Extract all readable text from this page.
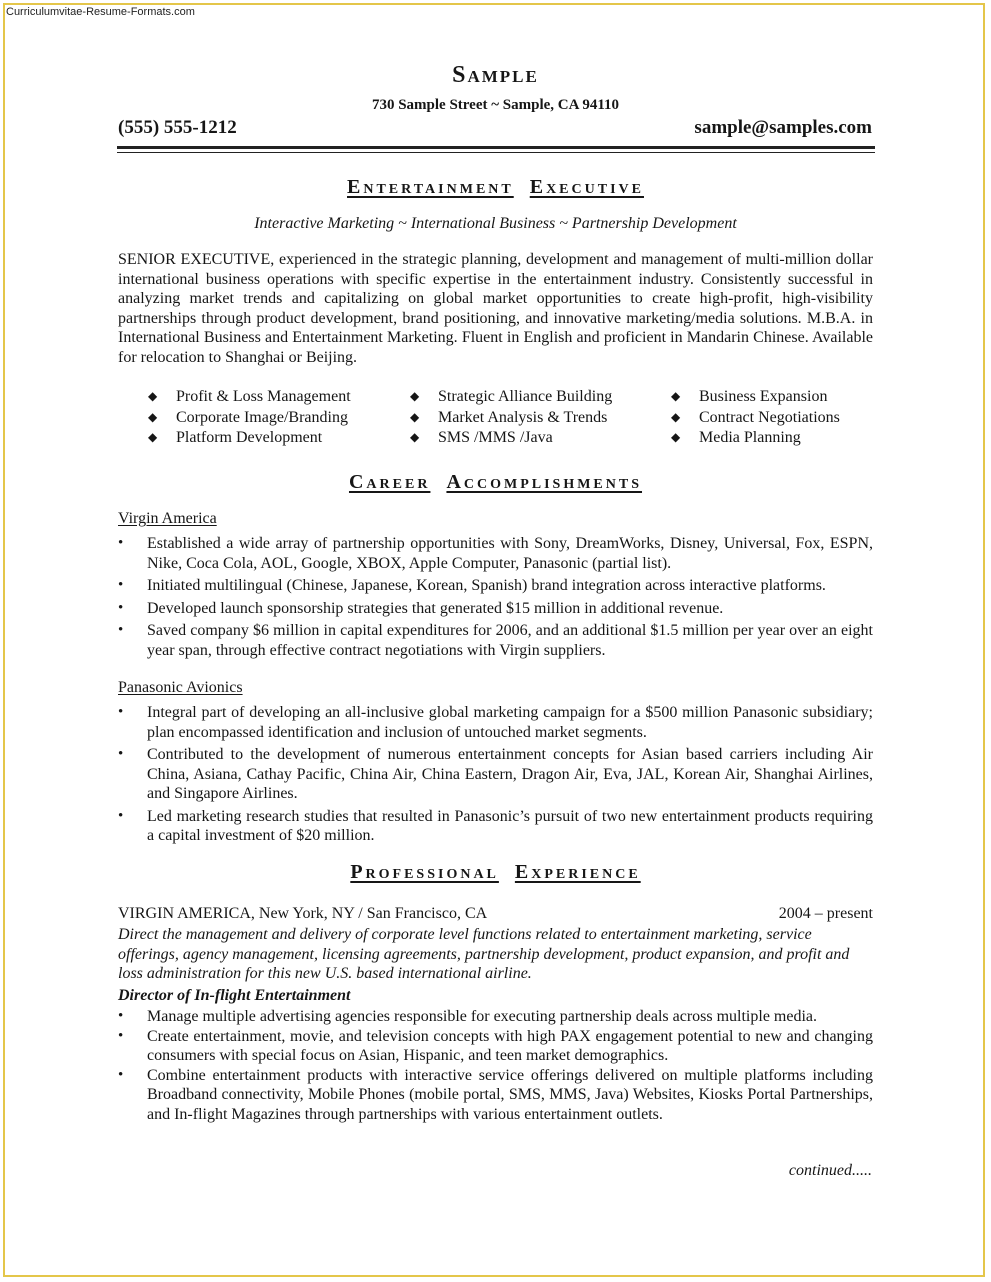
Curriculumvitae-Resume-Formats.com
Sample
730 Sample Street ~ Sample, CA 94110
(555) 555-1212	sample@samples.com
Entertainment Executive
Interactive Marketing ~ International Business ~ Partnership Development
SENIOR EXECUTIVE, experienced in the strategic planning, development and management of multi-million dollar international business operations with specific expertise in the entertainment industry. Consistently successful in analyzing market trends and capitalizing on global market opportunities to create high-profit, high-visibility partnerships through product development, brand positioning, and innovative marketing/media solutions. M.B.A. in International Business and Entertainment Marketing. Fluent in English and proficient in Mandarin Chinese. Available for relocation to Shanghai or Beijing.
◆ Profit & Loss Management
◆ Corporate Image/Branding
◆ Platform Development
◆ Strategic Alliance Building
◆ Market Analysis & Trends
◆ SMS /MMS /Java
◆ Business Expansion
◆ Contract Negotiations
◆ Media Planning
Career Accomplishments
Virgin America
• Established a wide array of partnership opportunities with Sony, DreamWorks, Disney, Universal, Fox, ESPN, Nike, Coca Cola, AOL, Google, XBOX, Apple Computer, Panasonic (partial list).
• Initiated multilingual (Chinese, Japanese, Korean, Spanish) brand integration across interactive platforms.
• Developed launch sponsorship strategies that generated $15 million in additional revenue.
• Saved company $6 million in capital expenditures for 2006, and an additional $1.5 million per year over an eight year span, through effective contract negotiations with Virgin suppliers.
Panasonic Avionics
• Integral part of developing an all-inclusive global marketing campaign for a $500 million Panasonic subsidiary; plan encompassed identification and inclusion of untouched market segments.
• Contributed to the development of numerous entertainment concepts for Asian based carriers including Air China, Asiana, Cathay Pacific, China Air, China Eastern, Dragon Air, Eva, JAL, Korean Air, Shanghai Airlines, and Singapore Airlines.
• Led marketing research studies that resulted in Panasonic’s pursuit of two new entertainment products requiring a capital investment of $20 million.
Professional Experience
VIRGIN AMERICA, New York, NY / San Francisco, CA	2004 – present
Direct the management and delivery of corporate level functions related to entertainment marketing, service offerings, agency management, licensing agreements, partnership development, product expansion, and profit and loss administration for this new U.S. based international airline.
Director of In-flight Entertainment
• Manage multiple advertising agencies responsible for executing partnership deals across multiple media.
• Create entertainment, movie, and television concepts with high PAX engagement potential to new and changing consumers with special focus on Asian, Hispanic, and teen market demographics.
• Combine entertainment products with interactive service offerings delivered on multiple platforms including Broadband connectivity, Mobile Phones (mobile portal, SMS, MMS, Java) Websites, Kiosks Portal Partnerships, and In-flight Magazines through partnerships with various entertainment outlets.
continued.....
